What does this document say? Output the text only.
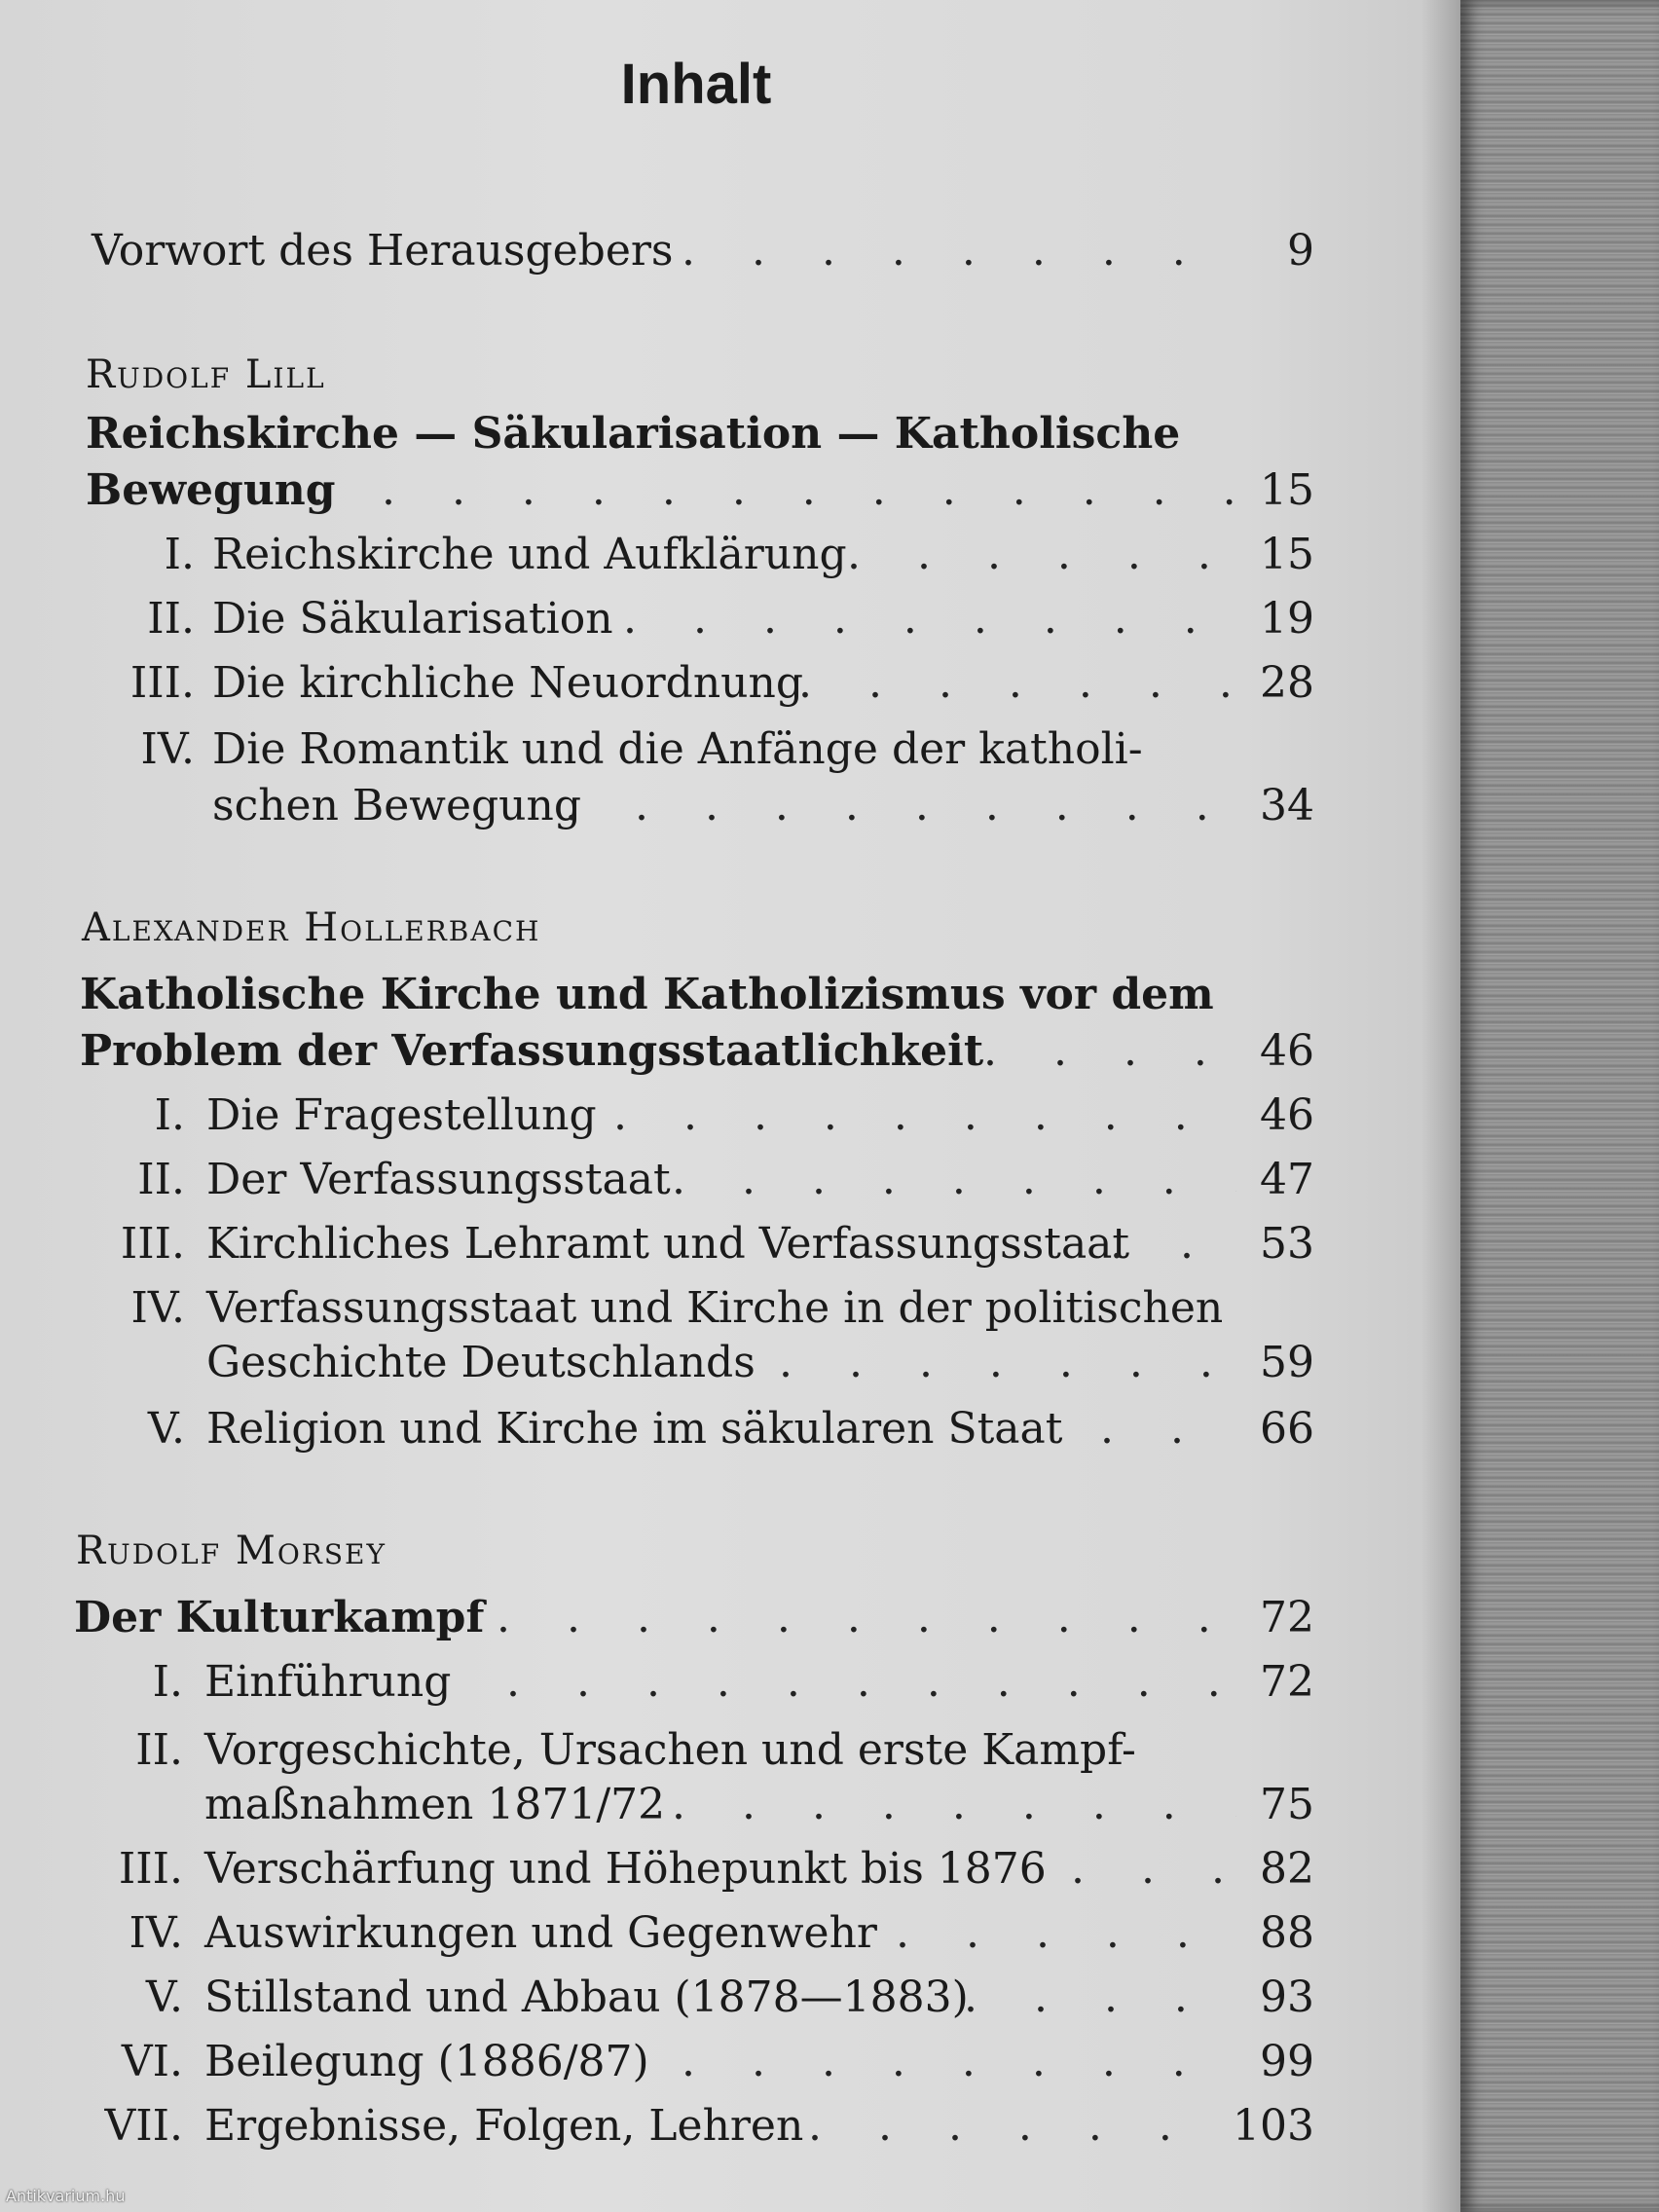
Inhalt
Vorwort des Herausgebers . . .	9
Rudolf Lill
Reichskirche — Säkularisation — Katholische
Bewegung . . .	15
I. Reichskirche und Aufklärung . . .	15
II. Die Säkularisation . . .	19
III. Die kirchliche Neuordnung . . .	28
IV. Die Romantik und die Anfänge der katholi-
schen Bewegung . . .	34
Alexander Hollerbach
Katholische Kirche und Katholizismus vor dem
Problem der Verfassungsstaatlichkeit . . .	46
I. Die Fragestellung . . .	46
II. Der Verfassungsstaat . . .	47
III. Kirchliches Lehramt und Verfassungsstaat . . .	53
IV. Verfassungsstaat und Kirche in der politischen
Geschichte Deutschlands . . .	59
V. Religion und Kirche im säkularen Staat . . .	66
Rudolf Morsey
Der Kulturkampf . . .	72
I. Einführung . . .	72
II. Vorgeschichte, Ursachen und erste Kampf-
maßnahmen 1871/72 . . .	75
III. Verschärfung und Höhepunkt bis 1876 . . .	82
IV. Auswirkungen und Gegenwehr . . .	88
V. Stillstand und Abbau (1878—1883) . . .	93
VI. Beilegung (1886/87) . . .	99
VII. Ergebnisse, Folgen, Lehren . . .	103
Antikvarium.hu
